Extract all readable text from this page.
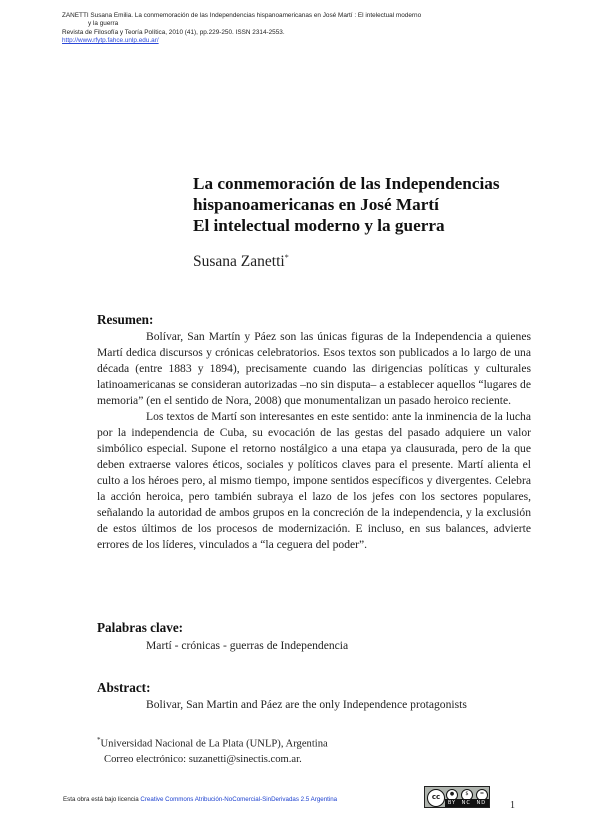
ZANETTI Susana Emilia. La conmemoración de las Independencias hispanoamericanas en José Martí : El intelectual moderno
y la guerra
Revista de Filosofía y Teoría Política, 2010 (41), pp.229-250. ISSN 2314-2553.
http://www.rfytp.fahce.unlp.edu.ar/
La conmemoración de las Independencias
hispanoamericanas en José Martí
El intelectual moderno y la guerra
Susana Zanetti*
Resumen:

Bolívar, San Martín y Páez son las únicas figuras de la Independencia a quienes Martí dedica discursos y crónicas celebratorios. Esos textos son publicados a lo largo de una década (entre 1883 y 1894), precisamente cuando las dirigencias políticas y culturales latinoamericanas se consideran autorizadas –no sin disputa– a establecer aquellos “lugares de memoria” (en el sentido de Nora, 2008) que monumentalizan un pasado heroico reciente.

Los textos de Martí son interesantes en este sentido: ante la inminencia de la lucha por la independencia de Cuba, su evocación de las gestas del pasado adquiere un valor simbólico especial. Supone el retorno nostálgico a una etapa ya clausurada, pero de la que deben extraerse valores éticos, sociales y políticos claves para el presente. Martí alienta el culto a los héroes pero, al mismo tiempo, impone sentidos específicos y divergentes. Celebra la acción heroica, pero también subraya el lazo de los jefes con los sectores populares, señalando la autoridad de ambos grupos en la concreción de la independencia, y la exclusión de estos últimos de los procesos de modernización. E incluso, en sus balances, advierte errores de los líderes, vinculados a “la ceguera del poder”.

Palabras clave:
Martí - crónicas - guerras de Independencia
Abstract:
Bolivar, San Martin and Páez are the only Independence protagonists
*Universidad Nacional de La Plata (UNLP), Argentina
Correo electrónico: suzanetti@sinectis.com.ar.
Esta obra está bajo licencia Creative Commons Atribución-NoComercial-SinDerivadas 2.5 Argentina	cc	●	$	=
BY NC ND 1
